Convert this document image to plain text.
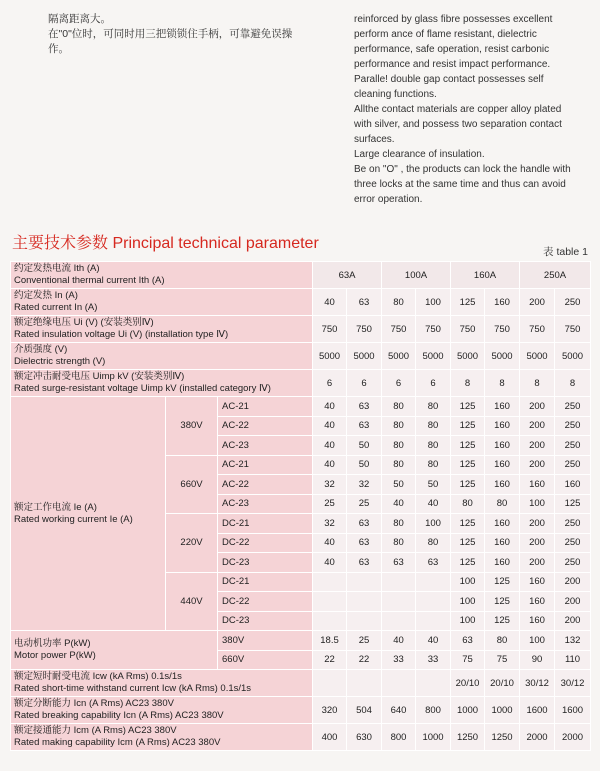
隔离距离大。
在"0"位时，可同时用三把锁锁住手柄，可靠避免误操
作。

reinforced by glass fibre possesses excellent

perform ance of flame resistant, dielectric

performance, safe operation, resist carbonic

performance and resist impact performance.

Paralle! double gap contact possesses self

cleaning functions.

Allthe contact materials are copper alloy plated

with silver, and possess two separation contact

surfaces.

Large clearance of insulation.

Be on "O" , the products can lock the handle with

three locks at the same time and thus can avoid

error operation.

主要技术参数 Principal technical parameter	表 table 1
约定发热电流 Ith (A)
Conventional thermal current Ith (A)			63A		100A		160A		250A	

约定发热 In (A)
Rated current In (A)			40	63	80	100	125	160	200	250

额定绝缘电压 Ui (V) (安装类别Ⅳ)
Rated insulation voltage Ui (V) (installation type Ⅳ)			750	750	750	750	750	750	750	750

介质强度 (V)
Dielectric strength (V)			5000	5000	5000	5000	5000	5000	5000	5000

额定冲击耐受电压 Uimp kV (安装类别Ⅳ)
Rated surge-resistant voltage Uimp kV (installed category Ⅳ)			6	6	6	6	8	8	8	8

额定工作电流 Ie (A)
Rated working current Ie (A)	380V	AC-21	40	63	80	80	125	160	200	250
		AC-22	40	63	80	80	125	160	200	250
		AC-23	40	50	80	80	125	160	200	250
	660V	AC-21	40	50	80	80	125	160	200	250
		AC-22	32	32	50	50	125	160	160	160
		AC-23	25	25	40	40	80	80	100	125
	220V	DC-21	32	63	80	100	125	160	200	250
		DC-22	40	63	80	80	125	160	200	250
		DC-23	40	63	63	63	125	160	200	250
	440V	DC-21					100	125	160	200
		DC-22					100	125	160	200
		DC-23					100	125	160	200

电动机功率 P(kW)
Motor power P(kW)		380V	18.5	25	40	40	63	80	100	132
		660V	22	22	33	33	75	75	90	110

额定短时耐受电流 Icw (kA Rms) 0.1s/1s
Rated short-time withstand current Icw (kA Rms) 0.1s/1s							20/10	20/10	30/12	30/12

额定分断能力 Icn (A Rms) AC23 380V
Rated breaking capability Icn (A Rms) AC23 380V			320	504	640	800	1000	1000	1600	1600

额定接通能力 Icm (A Rms) AC23 380V
Rated making capability Icm (A Rms) AC23 380V			400	630	800	1000	1250	1250	2000	2000
